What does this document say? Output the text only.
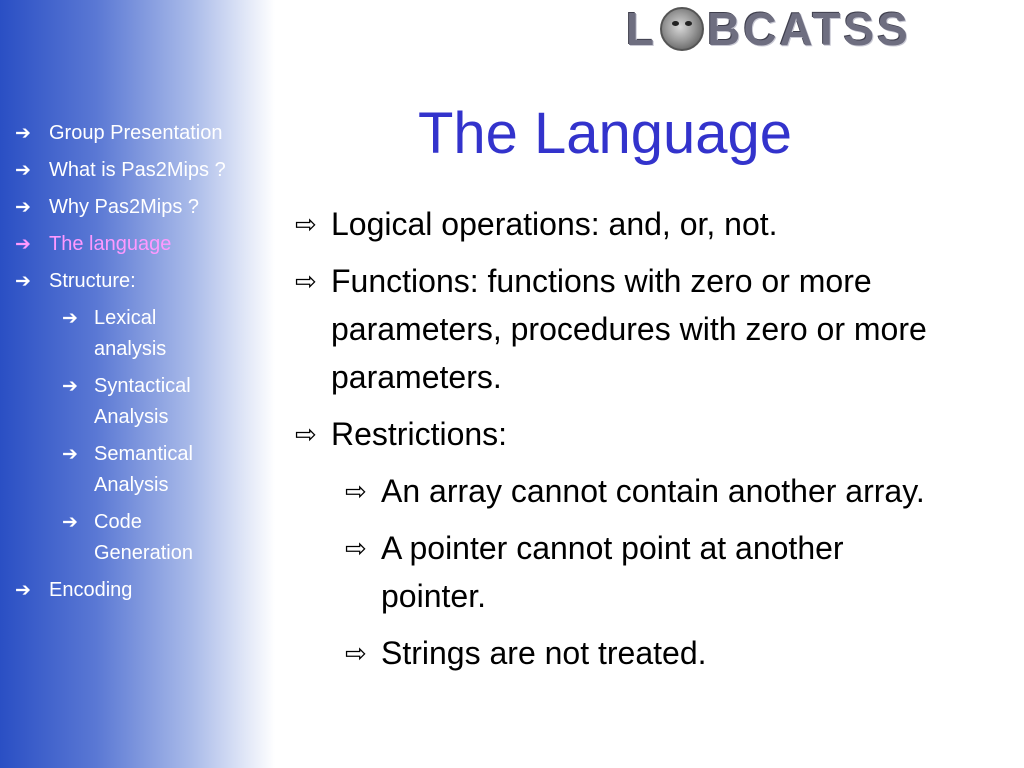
➔ Group Presentation
➔ What is Pas2Mips ?
➔ Why Pas2Mips ?
➔ The language
➔ Structure:
➔ Lexical analysis
➔ Syntactical Analysis
➔ Semantical Analysis
➔ Code Generation
➔ Encoding
L BCATSS
The Language
⇨ Logical operations: and, or, not.
⇨ Functions: functions with zero or more parameters, procedures with zero or more parameters.
⇨ Restrictions:
⇨ An array cannot contain another array.
⇨ A pointer cannot point at another pointer.
⇨ Strings are not treated.
